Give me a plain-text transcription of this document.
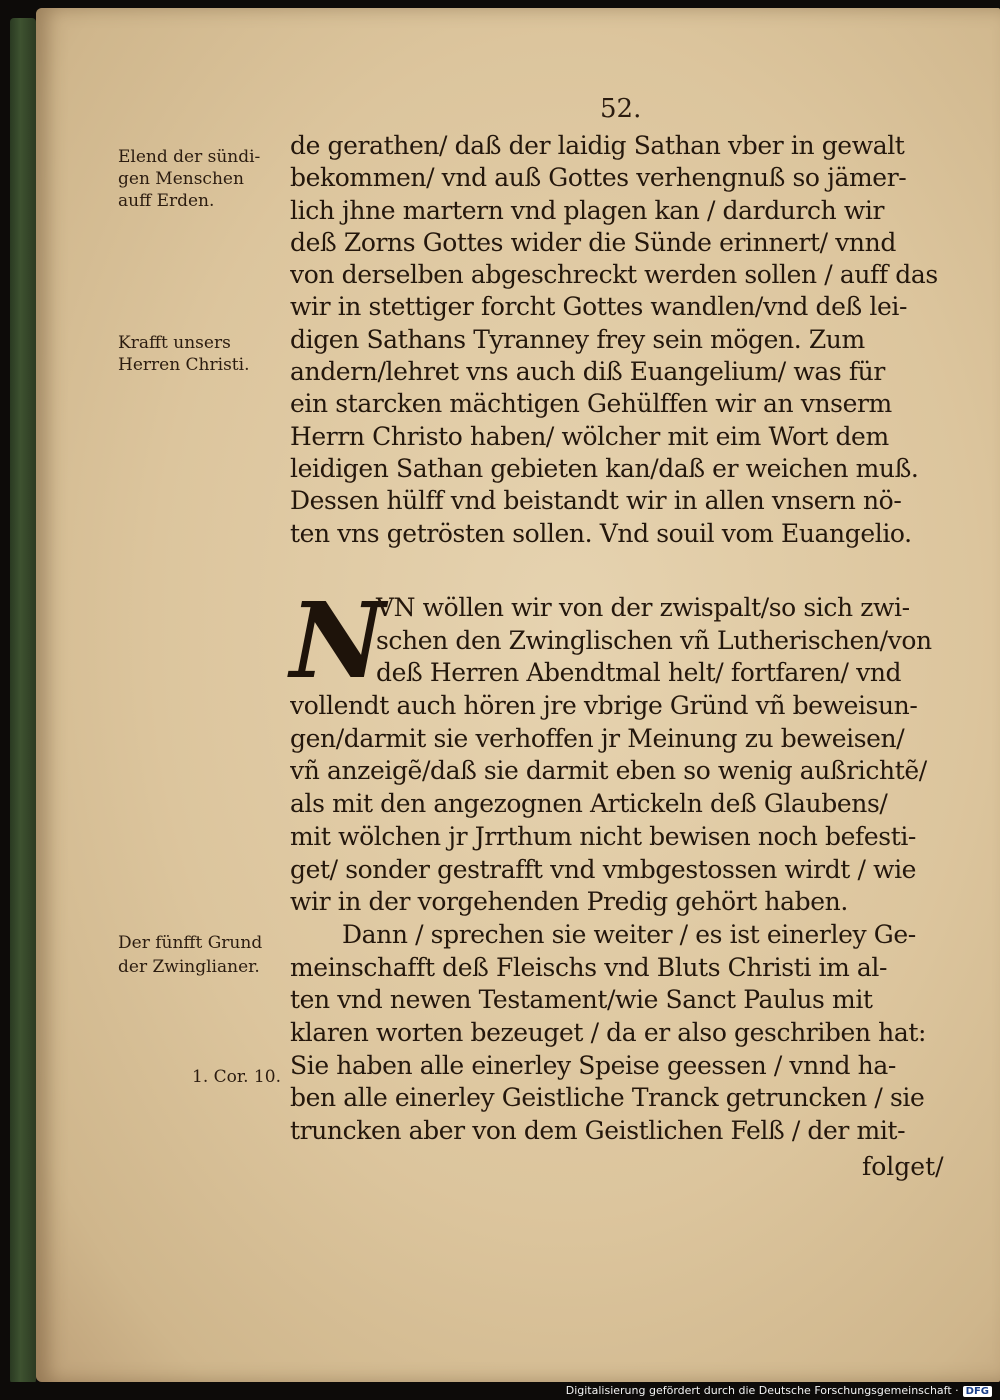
52.
Elend der sündi-
gen Menschen
auff Erden.
Krafft unsers
Herren Christi.
Der fünfft Grund
der Zwinglianer.
1. Cor. 10.
de gerathen/ daß der laidig Sathan vber in gewalt
bekommen/ vnd auß Gottes verhengnuß so jämer-
lich jhne martern vnd plagen kan / dardurch wir
deß Zorns Gottes wider die Sünde erinnert/ vnnd
von derselben abgeschreckt werden sollen / auff das
wir in stettiger forcht Gottes wandlen/vnd deß lei-
digen Sathans Tyranney frey sein mögen. Zum
andern/lehret vns auch diß Euangelium/ was für
ein starcken mächtigen Gehülffen wir an vnserm
Herrn Christo haben/ wölcher mit eim Wort dem
leidigen Sathan gebieten kan/daß er weichen muß.
Dessen hülff vnd beistandt wir in allen vnsern nö-
ten vns getrösten sollen. Vnd souil vom Euangelio.
N
VN wöllen wir von der zwispalt/so sich zwi-
schen den Zwinglischen vñ Lutherischen/von
deß Herren Abendtmal helt/ fortfaren/ vnd
vollendt auch hören jre vbrige Gründ vñ beweisun-
gen/darmit sie verhoffen jr Meinung zu beweisen/
vñ anzeigẽ/daß sie darmit eben so wenig außrichtẽ/
als mit den angezognen Artickeln deß Glaubens/
mit wölchen jr Jrrthum nicht bewisen noch befesti-
get/ sonder gestrafft vnd vmbgestossen wirdt / wie
wir in der vorgehenden Predig gehört haben.
Dann / sprechen sie weiter / es ist einerley Ge-
meinschafft deß Fleischs vnd Bluts Christi im al-
ten vnd newen Testament/wie Sanct Paulus mit
klaren worten bezeuget / da er also geschriben hat:
Sie haben alle einerley Speise geessen / vnnd ha-
ben alle einerley Geistliche Tranck getruncken / sie
truncken aber von dem Geistlichen Felß / der mit-
folget/
Digitalisierung gefördert durch die Deutsche Forschungsgemeinschaft · DFG
